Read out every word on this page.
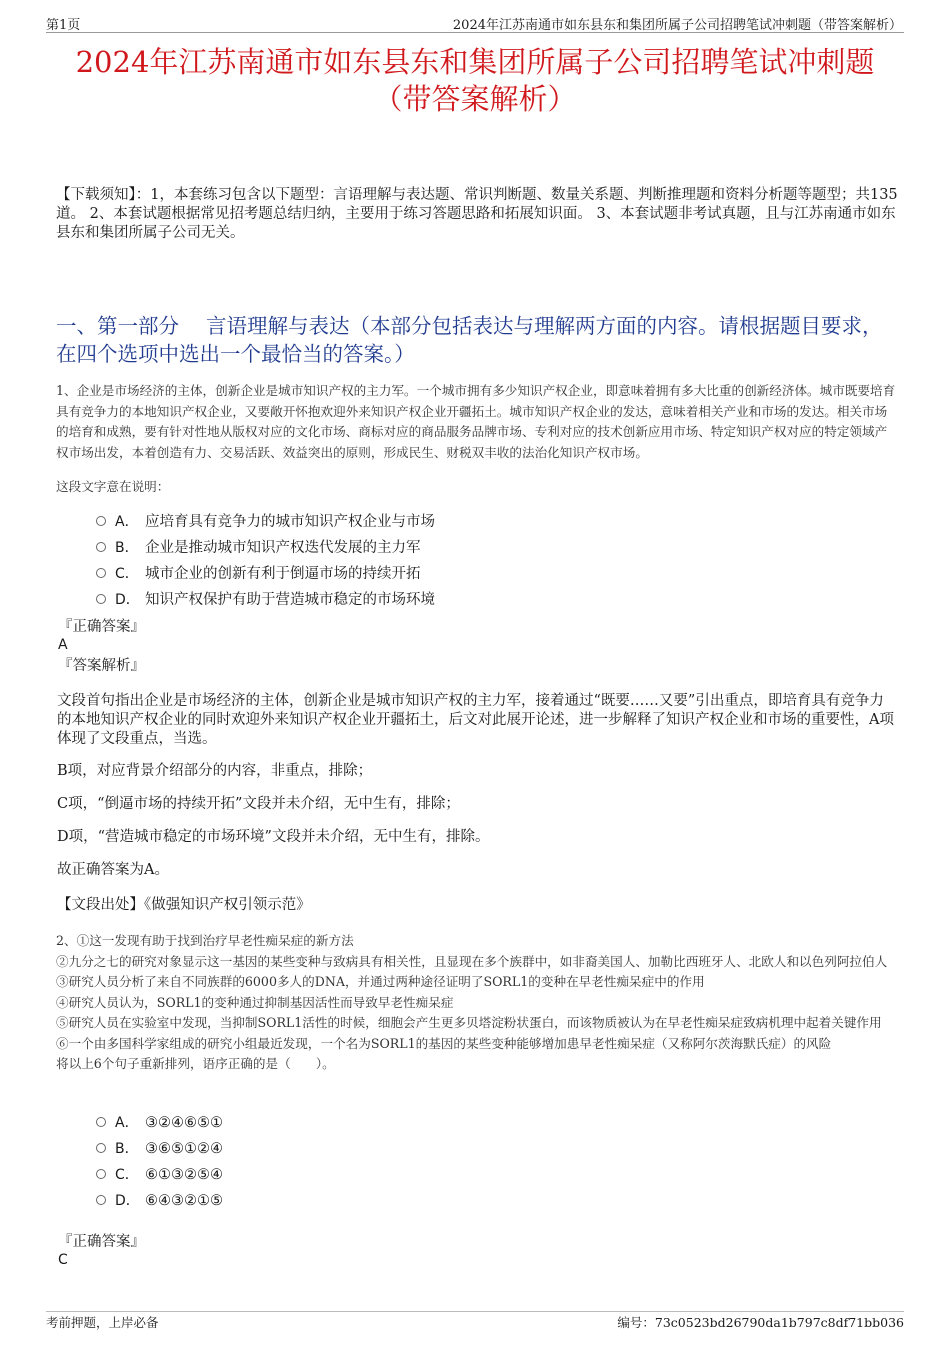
第1页	2024年江苏南通市如东县东和集团所属子公司招聘笔试冲刺题（带答案解析）
2024年江苏南通市如东县东和集团所属子公司招聘笔试冲刺题
（带答案解析）
【下载须知】：1，本套练习包含以下题型：言语理解与表达题、常识判断题、数量关系题、判断推理题和资料分析题等题型；共135道。 2、本套试题根据常见招考题总结归纳，主要用于练习答题思路和拓展知识面。 3、本套试题非考试真题，且与江苏南通市如东县东和集团所属子公司无关。
一、第一部分　 言语理解与表达（本部分包括表达与理解两方面的内容。请根据题目要求，在四个选项中选出一个最恰当的答案。）
1、企业是市场经济的主体，创新企业是城市知识产权的主力军。一个城市拥有多少知识产权企业，即意味着拥有多大比重的创新经济体。城市既要培育具有竞争力的本地知识产权企业，又要敞开怀抱欢迎外来知识产权企业开疆拓土。城市知识产权企业的发达，意味着相关产业和市场的发达。相关市场的培育和成熟，要有针对性地从版权对应的文化市场、商标对应的商品服务品牌市场、专利对应的技术创新应用市场、特定知识产权对应的特定领域产权市场出发，本着创造有力、交易活跃、效益突出的原则，形成民生、财税双丰收的法治化知识产权市场。
这段文字意在说明：
A． 应培育具有竞争力的城市知识产权企业与市场
B． 企业是推动城市知识产权迭代发展的主力军
C． 城市企业的创新有利于倒逼市场的持续开拓
D． 知识产权保护有助于营造城市稳定的市场环境
『正确答案』
A
『答案解析』
文段首句指出企业是市场经济的主体，创新企业是城市知识产权的主力军，接着通过“既要……又要”引出重点，即培育具有竞争力的本地知识产权企业的同时欢迎外来知识产权企业开疆拓土，后文对此展开论述，进一步解释了知识产权企业和市场的重要性，A项体现了文段重点，当选。
B项，对应背景介绍部分的内容，非重点，排除；
C项，“倒逼市场的持续开拓”文段并未介绍，无中生有，排除；
D项，“营造城市稳定的市场环境”文段并未介绍，无中生有，排除。
故正确答案为A。
【文段出处】《做强知识产权引领示范》

2、①这一发现有助于找到治疗早老性痴呆症的新方法

②九分之七的研究对象显示这一基因的某些变种与致病具有相关性，且显现在多个族群中，如非裔美国人、加勒比西班牙人、北欧人和以色列阿拉伯人

③研究人员分析了来自不同族群的6000多人的DNA，并通过两种途径证明了SORL1的变种在早老性痴呆症中的作用

④研究人员认为，SORL1的变种通过抑制基因活性而导致早老性痴呆症

⑤研究人员在实验室中发现，当抑制SORL1活性的时候，细胞会产生更多贝塔淀粉状蛋白，而该物质被认为在早老性痴呆症致病机理中起着关键作用

⑥一个由多国科学家组成的研究小组最近发现，一个名为SORL1的基因的某些变种能够增加患早老性痴呆症（又称阿尔茨海默氏症）的风险

将以上6个句子重新排列，语序正确的是（　　）。

A． ③②④⑥⑤①
B． ③⑥⑤①②④
C． ⑥①③②⑤④
D． ⑥④③②①⑤
『正确答案』
C
考前押题，上岸必备	编号：73c0523bd26790da1b797c8df71bb036
